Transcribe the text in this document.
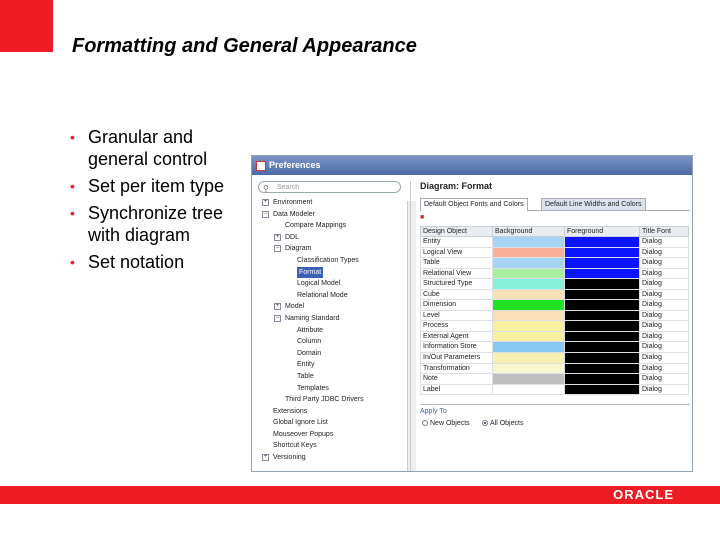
Formatting and General Appearance
• Granular and general control
• Set per item type
• Synchronize tree with diagram
• Set notation
Preferences
⚲ Search
+ Environment
− Data Modeler
Compare Mappings
+ DDL
− Diagram
Classification Types
Format
Logical Model
Relational Mode
+ Model
− Naming Standard
Attribute
Column
Domain
Entity
Table
Templates
Third Party JDBC Drivers
Extensions
Global Ignore List
Mouseover Popups
Shortcut Keys
+ Versioning
Diagram: Format
Default Object Fonts and Colors	Default Line Widths and Colors
■
Design Object	Background	Foreground	Title Font
Entity			Dialog
Logical View			Dialog
Table			Dialog
Relational View			Dialog
Structured Type			Dialog
Cube			Dialog
Dimension			Dialog
Level			Dialog
Process			Dialog
External Agent			Dialog
Information Store			Dialog
In/Out Parameters			Dialog
Transformation			Dialog
Note			Dialog
Label			Dialog
Apply To
New Objects	All Objects
ORACLE
